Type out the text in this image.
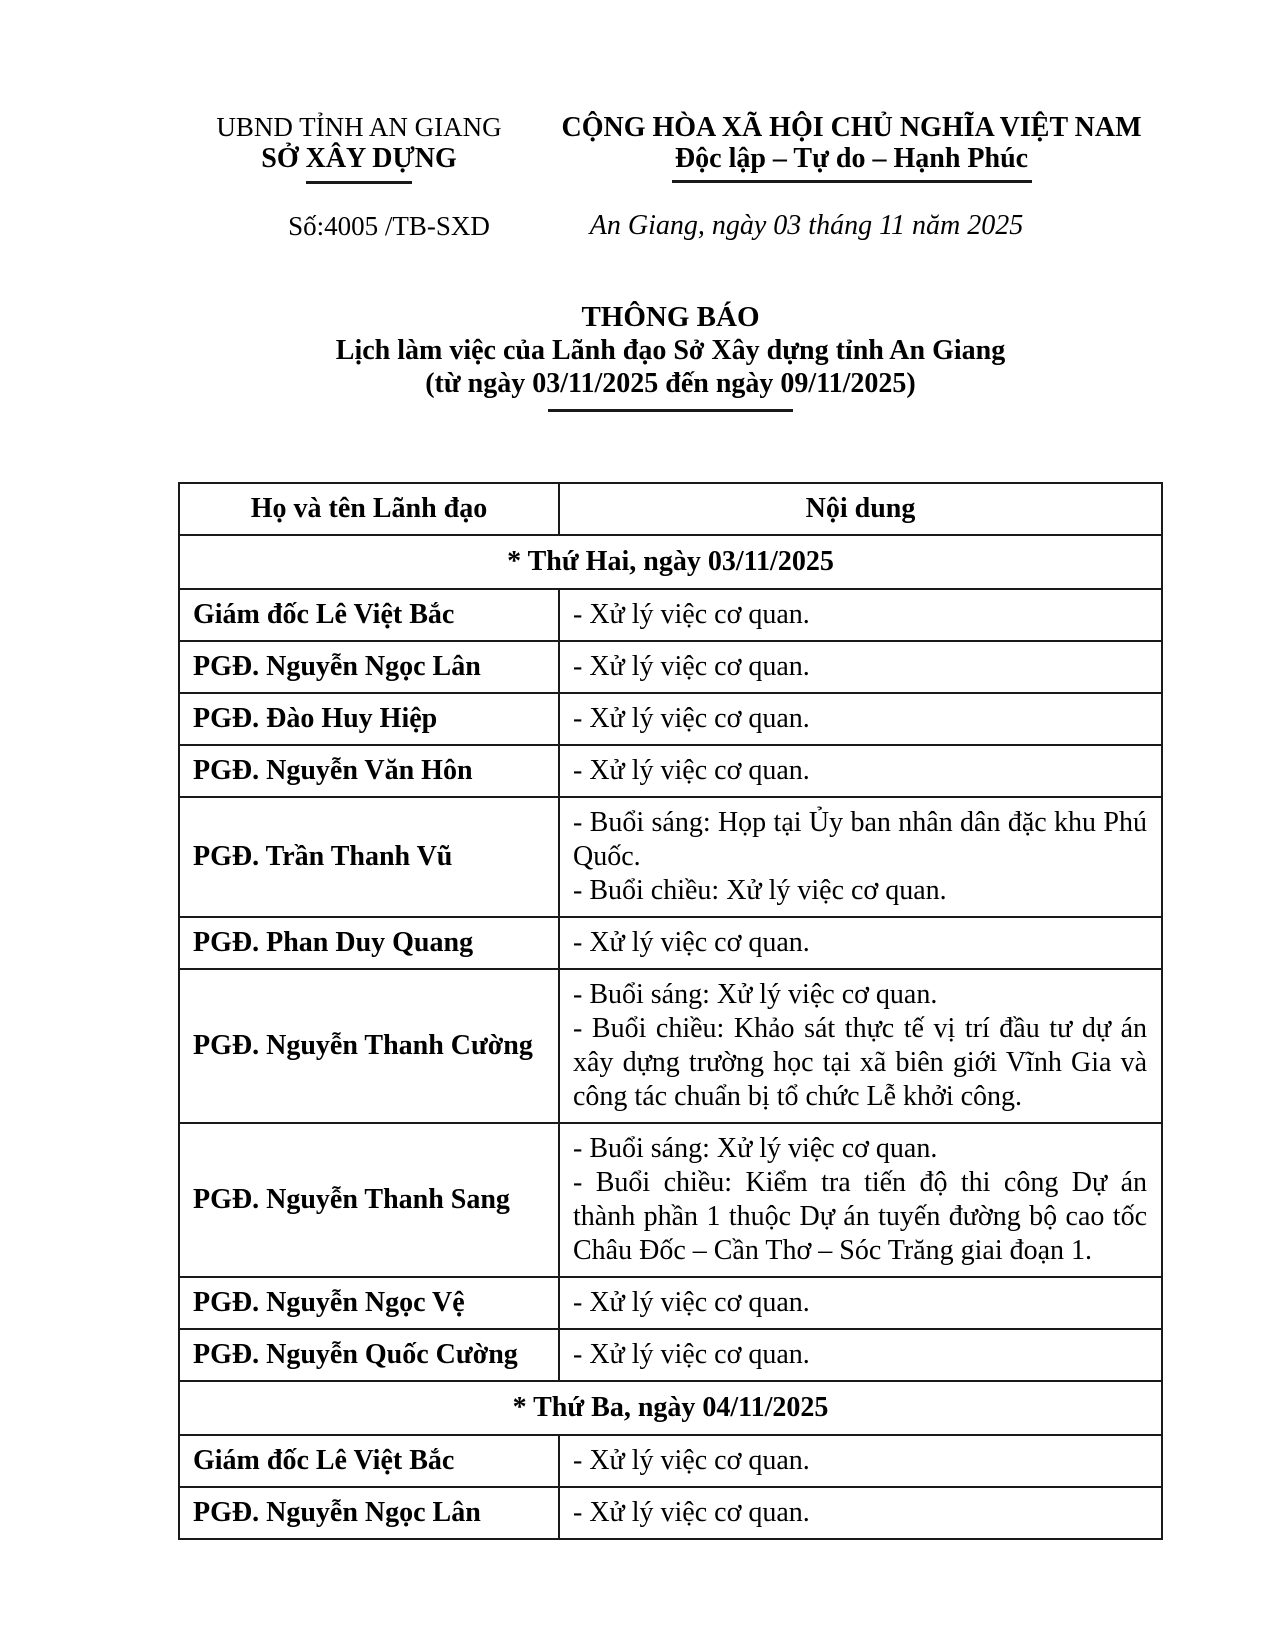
UBND TỈNH AN GIANG
SỞ XÂY DỰNG
CỘNG HÒA XÃ HỘI CHỦ NGHĨA VIỆT NAM
Độc lập – Tự do – Hạnh Phúc
Số:4005 /TB-SXD	An Giang, ngày 03 tháng 11 năm 2025
THÔNG BÁO
Lịch làm việc của Lãnh đạo Sở Xây dựng tỉnh An Giang
(từ ngày 03/11/2025 đến ngày 09/11/2025)
Họ và tên Lãnh đạo	Nội dung
* Thứ Hai, ngày 03/11/2025	
Giám đốc Lê Việt Bắc	- Xử lý việc cơ quan.

PGĐ. Nguyễn Ngọc Lân	- Xử lý việc cơ quan.

PGĐ. Đào Huy Hiệp	- Xử lý việc cơ quan.

PGĐ. Nguyễn Văn Hôn	- Xử lý việc cơ quan.

PGĐ. Trần Thanh Vũ	- Buổi sáng: Họp tại Ủy ban nhân dân đặc khu Phú Quốc.

- Buổi chiều: Xử lý việc cơ quan.

PGĐ. Phan Duy Quang	- Xử lý việc cơ quan.

PGĐ. Nguyễn Thanh Cường	- Buổi sáng: Xử lý việc cơ quan.

- Buổi chiều: Khảo sát thực tế vị trí đầu tư dự án xây dựng trường học tại xã biên giới Vĩnh Gia và công tác chuẩn bị tổ chức Lễ khởi công.

PGĐ. Nguyễn Thanh Sang	- Buổi sáng: Xử lý việc cơ quan.

- Buổi chiều: Kiểm tra tiến độ thi công Dự án thành phần 1 thuộc Dự án tuyến đường bộ cao tốc Châu Đốc – Cần Thơ – Sóc Trăng giai đoạn 1.

PGĐ. Nguyễn Ngọc Vệ	- Xử lý việc cơ quan.

PGĐ. Nguyễn Quốc Cường	- Xử lý việc cơ quan.

* Thứ Ba, ngày 04/11/2025	
Giám đốc Lê Việt Bắc	- Xử lý việc cơ quan.

PGĐ. Nguyễn Ngọc Lân	- Xử lý việc cơ quan.
